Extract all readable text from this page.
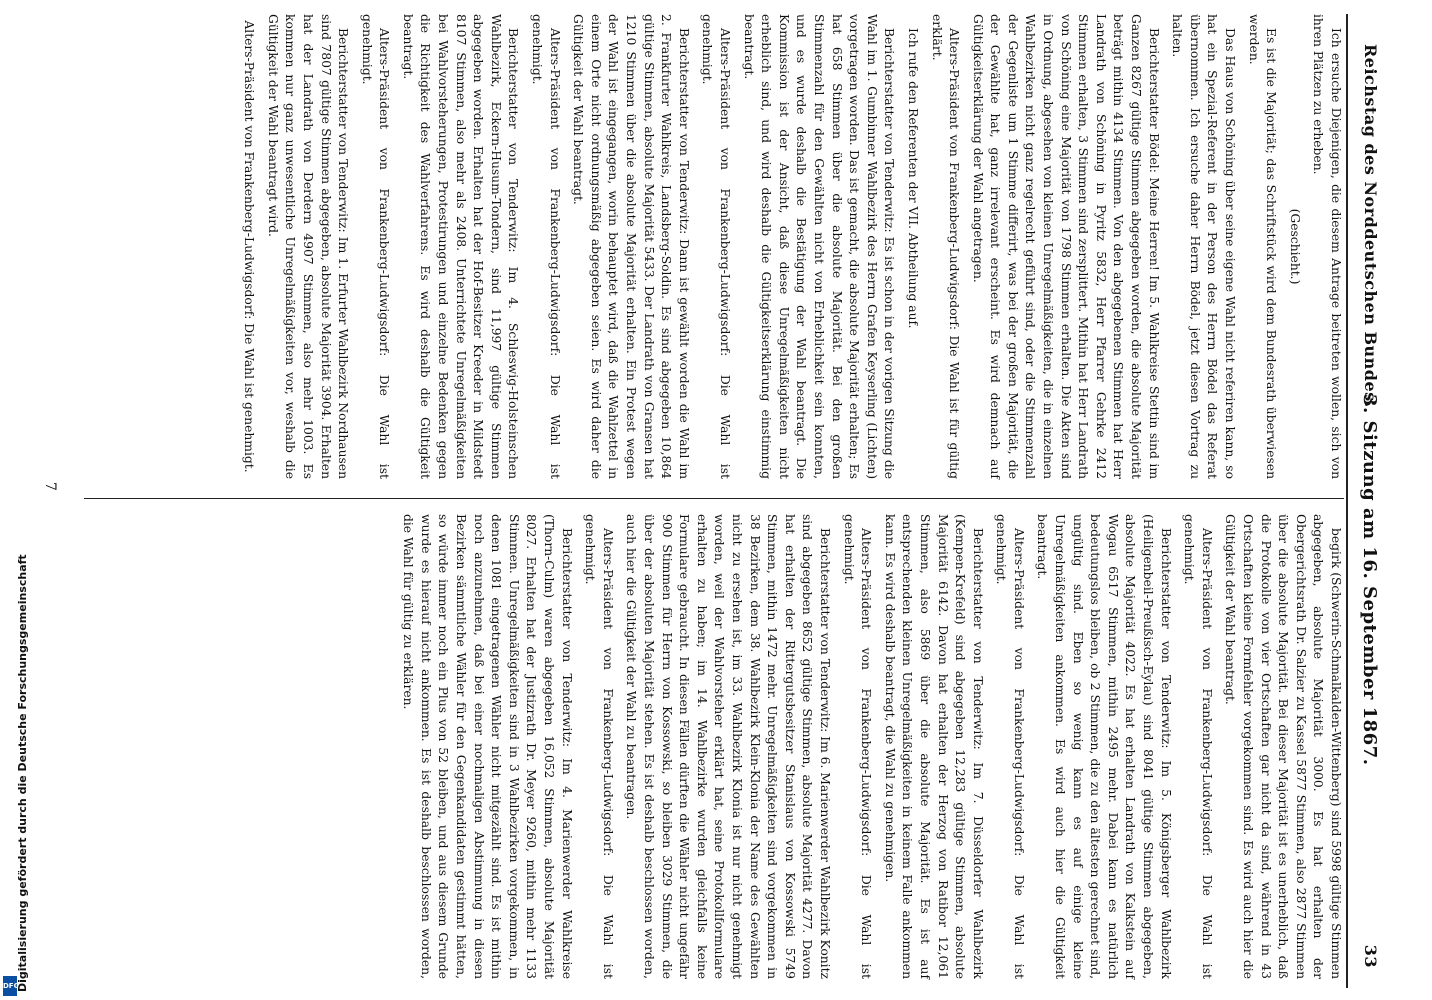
Reichstag des Norddeutschen Bundes.
3. Sitzung am 16. September 1867.
33

Ich ersuche Diejenigen, die diesem Antrage beitreten wollen, sich von ihren Plätzen zu erheben.

(Geschieht.)

Es ist die Majorität; das Schriftstück wird dem Bundesrath überwiesen werden.

Das Haus von Schöning über seine eigene Wahl nicht referiren kann, so hat ein Spezial-Referent in der Person des Herrn Bödel das Referat übernommen. Ich ersuche daher Herrn Bödel, jetzt diesen Vortrag zu halten.

Berichterstatter Bödel: Meine Herren! Im 5. Wahlkreise Stettin sind im Ganzen 8267 gültige Stimmen abgegeben worden, die absolute Majorität beträgt mithin 4134 Stimmen. Von den abgegebenen Stimmen hat Herr Landrath von Schöning in Pyritz 5832, Herr Pfarrer Gehrke 2412 Stimmen erhalten, 3 Stimmen sind zersplittert. Mithin hat Herr Landrath von Schöning eine Majorität von 1798 Stimmen erhalten. Die Akten sind in Ordnung, abgesehen von kleinen Unregelmäßigkeiten, die in einzelnen Wahlbezirken nicht ganz regelrecht geführt sind, oder die Stimmenzahl der Gegenliste um 1 Stimme differirt, was bei der großen Majorität, die der Gewählte hat, ganz irrelevant erscheint. Es wird demnach auf Gültigkeitserklärung der Wahl angetragen.

Alters-Präsident von Frankenberg-Ludwigsdorf: Die Wahl ist für gültig erklärt.

Ich rufe den Referenten der VII. Abtheilung auf.

Berichterstatter von Tenderwitz: Es ist schon in der vorigen Sitzung die Wahl im 1. Gumbinner Wahlbezirk des Herrn Grafen Keyserling (Lichten) vorgetragen worden. Das ist gemacht, die absolute Majorität erhalten; Es hat 658 Stimmen über die absolute Majorität. Bei den großen Stimmenzahl für den Gewählten nicht von Erheblichkeit sein konnten, und es wurde deshalb die Bestätigung der Wahl beantragt. Die Kommission ist der Ansicht, daß diese Unregelmäßigkeiten nicht erheblich sind, und wird deshalb die Gültigkeitserklärung einstimmig beantragt.

Alters-Präsident von Frankenberg-Ludwigsdorf: Die Wahl ist genehmigt.

Berichterstatter von Tenderwitz: Dann ist gewählt worden die Wahl im 2. Frankfurter Wahlkreis, Landsberg-Soldin. Es sind abgegeben 10,864 gültige Stimmen, absolute Majorität 5433. Der Landrath von Gransen hat 1210 Stimmen über die absolute Majorität erhalten. Ein Protest wegen der Wahl ist eingegangen, worin behauptet wird, daß die Wahlzettel in einem Orte nicht ordnungsmäßig abgegeben seien. Es wird daher die Gültigkeit der Wahl beantragt.

Alters-Präsident von Frankenberg-Ludwigsdorf: Die Wahl ist genehmigt.

Berichterstatter von Tenderwitz: Im 4. Schleswig-Holsteinschen Wahlbezirk, Eckern-Husum-Tondern, sind 11,997 gültige Stimmen abgegeben worden. Erhalten hat der Hof-Besitzer Kreeder in Mildstedt 8107 Stimmen, also mehr als 2408. Unterrichtete Unregelmäßigkeiten bei Wahlvorsteherungen, Protestirungen und einzelne Bedenken gegen die Richtigkeit des Wahlverfahrens. Es wird deshalb die Gültigkeit beantragt.

Alters-Präsident von Frankenberg-Ludwigsdorf: Die Wahl ist genehmigt.

Berichterstatter von Tenderwitz: Im 1. Erfurter Wahlbezirk Nordhausen sind 7807 gültige Stimmen abgegeben, absolute Majorität 3904. Erhalten hat der Landrath von Derdern 4907 Stimmen, also mehr 1003. Es kommen nur ganz unwesentliche Unregelmäßigkeiten vor, weshalb die Gültigkeit der Wahl beantragt wird.

Alters-Präsident von Frankenberg-Ludwigsdorf: Die Wahl ist genehmigt.

begirk (Schwerin-Schmalkalden-Wittenberg) sind 5998 gültige Stimmen abgegeben, absolute Majorität 3000. Es hat erhalten der Obergerichtsrath Dr. Salzier zu Kassel 5877 Stimmen, also 2877 Stimmen über die absolute Majorität. Bei dieser Majorität ist es unerheblich, daß die Protokolle von vier Ortschaften gar nicht da sind, während in 43 Ortschaften kleine Formfehler vorgekommen sind. Es wird auch hier die Gültigkeit der Wahl beantragt.

Alters-Präsident von Frankenberg-Ludwigsdorf: Die Wahl ist genehmigt.

Berichterstatter von Tenderwitz: Im 5. Königsberger Wahlbezirk (Heiligenbeil-Preußisch-Eylau) sind 8041 gültige Stimmen abgegeben, absolute Majorität 4022. Es hat erhalten Landrath von Kalkstein auf Wogau 6517 Stimmen, mithin 2495 mehr. Dabei kann es natürlich bedeutungslos bleiben, ob 2 Stimmen, die zu den ältesten gerechnet sind, ungültig sind. Eben so wenig kann es auf einige kleine Unregelmäßigkeiten ankommen. Es wird auch hier die Gültigkeit beantragt.

Alters-Präsident von Frankenberg-Ludwigsdorf: Die Wahl ist genehmigt.

Berichterstatter von Tenderwitz: Im 7. Düsseldorfer Wahlbezirk (Kempen-Krefeld) sind abgegeben 12,283 gültige Stimmen, absolute Majorität 6142. Davon hat erhalten der Herzog von Ratibor 12,061 Stimmen, also 5869 über die absolute Majorität. Es ist auf entsprechenden kleinen Unregelmäßigkeiten in keinem Falle ankommen kann. Es wird deshalb beantragt, die Wahl zu genehmigen.

Alters-Präsident von Frankenberg-Ludwigsdorf: Die Wahl ist genehmigt.

Berichterstatter von Tenderwitz: Im 6. Marienwerder Wahlbezirk Konitz sind abgegeben 8652 gültige Stimmen, absolute Majorität 4277. Davon hat erhalten der Rittergutsbesitzer Stanislaus von Kossowski 5749 Stimmen, mithin 1472 mehr. Unregelmäßigkeiten sind vorgekommen in 38 Bezirken, dem 38. Wahlbezirk Klein-Klonia der Name des Gewählten nicht zu ersehen ist, im 33. Wahlbezirk Klonia ist nur nicht genehmigt worden, weil der Wahlvorsteher erklärt hat, seine Protokollformulare erhalten zu haben; im 14. Wahlbezirke wurden gleichfalls keine Formulare gebraucht. In diesen Fällen dürften die Wähler nicht ungefähr 900 Stimmen für Herrn von Kossowski, so bleiben 3029 Stimmen, die über der absoluten Majorität stehen. Es ist deshalb beschlossen worden, auch hier die Gültigkeit der Wahl zu beantragen.

Alters-Präsident von Frankenberg-Ludwigsdorf: Die Wahl ist genehmigt.

Berichterstatter von Tenderwitz: Im 4. Marienwerder Wahlkreise (Thorn-Culm) waren abgegeben 16,052 Stimmen, absolute Majorität 8027. Erhalten hat der Justizrath Dr. Meyer 9260, mithin mehr 1133 Stimmen. Unregelmäßigkeiten sind in 3 Wahlbezirken vorgekommen, in denen 1081 eingetragenen Wähler nicht mitgezählt sind. Es ist mithin noch anzunehmen, daß bei einer nochmaligen Abstimmung in diesen Bezirken sämmtliche Wähler für den Gegenkandidaten gestimmt hätten, so würde immer noch ein Plus von 52 bleiben, und aus diesem Grunde wurde es hierauf nicht ankommen. Es ist deshalb beschlossen worden, die Wahl für gültig zu erklären.

7
DFG
Digitalisierung gefördert durch die Deutsche Forschungsgemeinschaft
